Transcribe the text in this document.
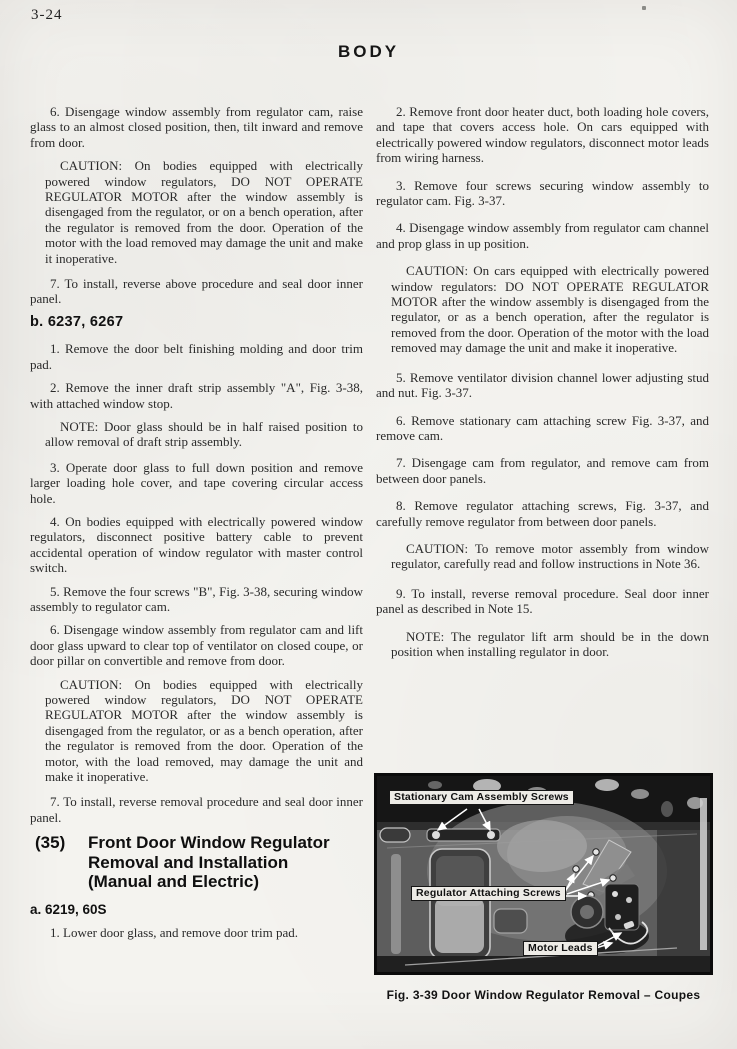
3-24
BODY

6. Disengage window assembly from regulator cam, raise glass to an almost closed position, then, tilt inward and remove from door.

CAUTION: On bodies equipped with electrically powered window regulators, DO NOT OPERATE REGULATOR MOTOR after the window assembly is disengaged from the regulator, or on a bench operation, after the regulator is removed from the door. Operation of the motor with the load removed may damage the unit and make it inoperative.

7. To install, reverse above procedure and seal door inner panel.

b. 6237, 6267

1. Remove the door belt finishing molding and door trim pad.

2. Remove the inner draft strip assembly "A", Fig. 3-38, with attached window stop.

NOTE: Door glass should be in half raised position to allow removal of draft strip assembly.

3. Operate door glass to full down position and remove larger loading hole cover, and tape covering circular access hole.

4. On bodies equipped with electrically powered window regulators, disconnect positive battery cable to prevent accidental operation of window regulator with master control switch.

5. Remove the four screws "B", Fig. 3-38, securing window assembly to regulator cam.

6. Disengage window assembly from regulator cam and lift door glass upward to clear top of ventilator on closed coupe, or door pillar on convertible and remove from door.

CAUTION: On bodies equipped with electrically powered window regulators, DO NOT OPERATE REGULATOR MOTOR after the window assembly is disengaged from the regulator, or as a bench operation, after the regulator is removed from the door. Operation of the motor, with the load removed, may damage the unit and make it inoperative.

7. To install, reverse removal procedure and seal door inner panel.

(35) Front Door Window Regulator
Removal and Installation
(Manual and Electric)
a. 6219, 60S

1. Lower door glass, and remove door trim pad.

2. Remove front door heater duct, both loading hole covers, and tape that covers access hole. On cars equipped with electrically powered window regulators, disconnect motor leads from wiring harness.

3. Remove four screws securing window assembly to regulator cam. Fig. 3-37.

4. Disengage window assembly from regulator cam channel and prop glass in up position.

CAUTION: On cars equipped with electrically powered window regulators: DO NOT OPERATE REGULATOR MOTOR after the window assembly is disengaged from the regulator, or as a bench operation, after the regulator is removed from the door. Operation of the motor with the load removed may damage the unit and make it inoperative.

5. Remove ventilator division channel lower adjusting stud and nut. Fig. 3-37.

6. Remove stationary cam attaching screw Fig. 3-37, and remove cam.

7. Disengage cam from regulator, and remove cam from between door panels.

8. Remove regulator attaching screws, Fig. 3-37, and carefully remove regulator from between door panels.

CAUTION: To remove motor assembly from window regulator, carefully read and follow instructions in Note 36.

9. To install, reverse removal procedure. Seal door inner panel as described in Note 15.

NOTE: The regulator lift arm should be in the down position when installing regulator in door.

Stationary Cam Assembly Screws
Regulator Attaching Screws
Motor Leads
Fig. 3-39 Door Window Regulator Removal – Coupes
